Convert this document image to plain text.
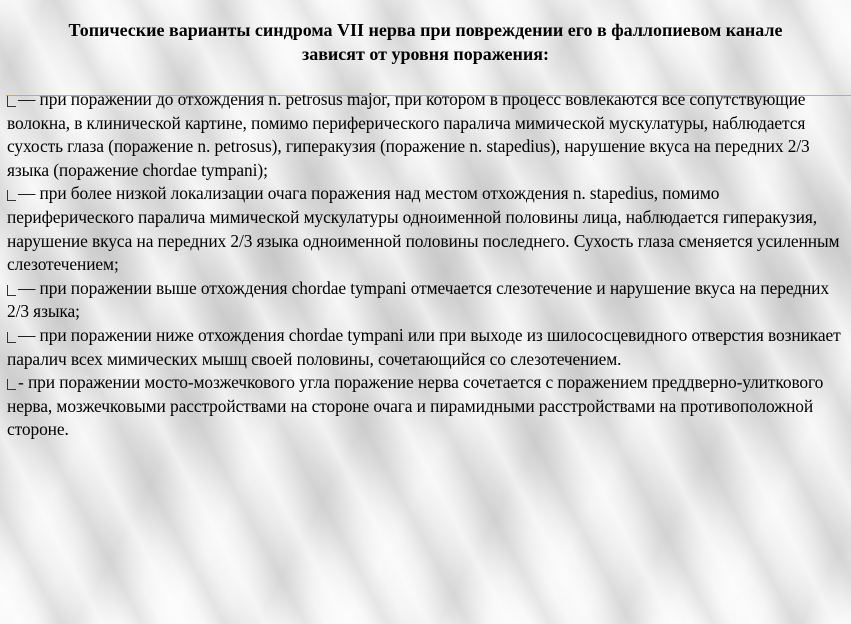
Топические варианты синдрома VII нерва при повреждении его в фаллопиевом канале
зависят от уровня поражения:

— при поражении до отхождения n. petrosus major, при котором в процесс вовлекаются все сопутствующие волокна, в клинической картине, помимо периферического паралича мимической мускулатуры, наблюдается сухость глаза (поражение n. petrosus), гиперакузия (поражение n. stapedius), нарушение вкуса на передних 2/3 языка (поражение chordae tympani);

— при более низкой локализации очага поражения над местом отхождения n. stapedius, помимо периферического паралича мимической мускулатуры одноименной половины лица, наблюдается гиперакузия, нарушение вкуса на передних 2/3 языка одноименной половины последнего. Сухость глаза сменяется усиленным слезотечением;

— при поражении выше отхождения chordae tympani отмечается слезотечение и нарушение вкуса на передних 2/3 языка;

— при поражении ниже отхождения chordae tympani или при выходе из шилососцевидного отверстия возникает паралич всех мимических мышц своей половины, сочетающийся со слезотечением.

- при поражении мосто-мозжечкового угла поражение нерва сочетается с поражением преддверно-улиткового нерва, мозжечковыми расстройствами на стороне очага и пирамидными расстройствами на противоположной стороне.
